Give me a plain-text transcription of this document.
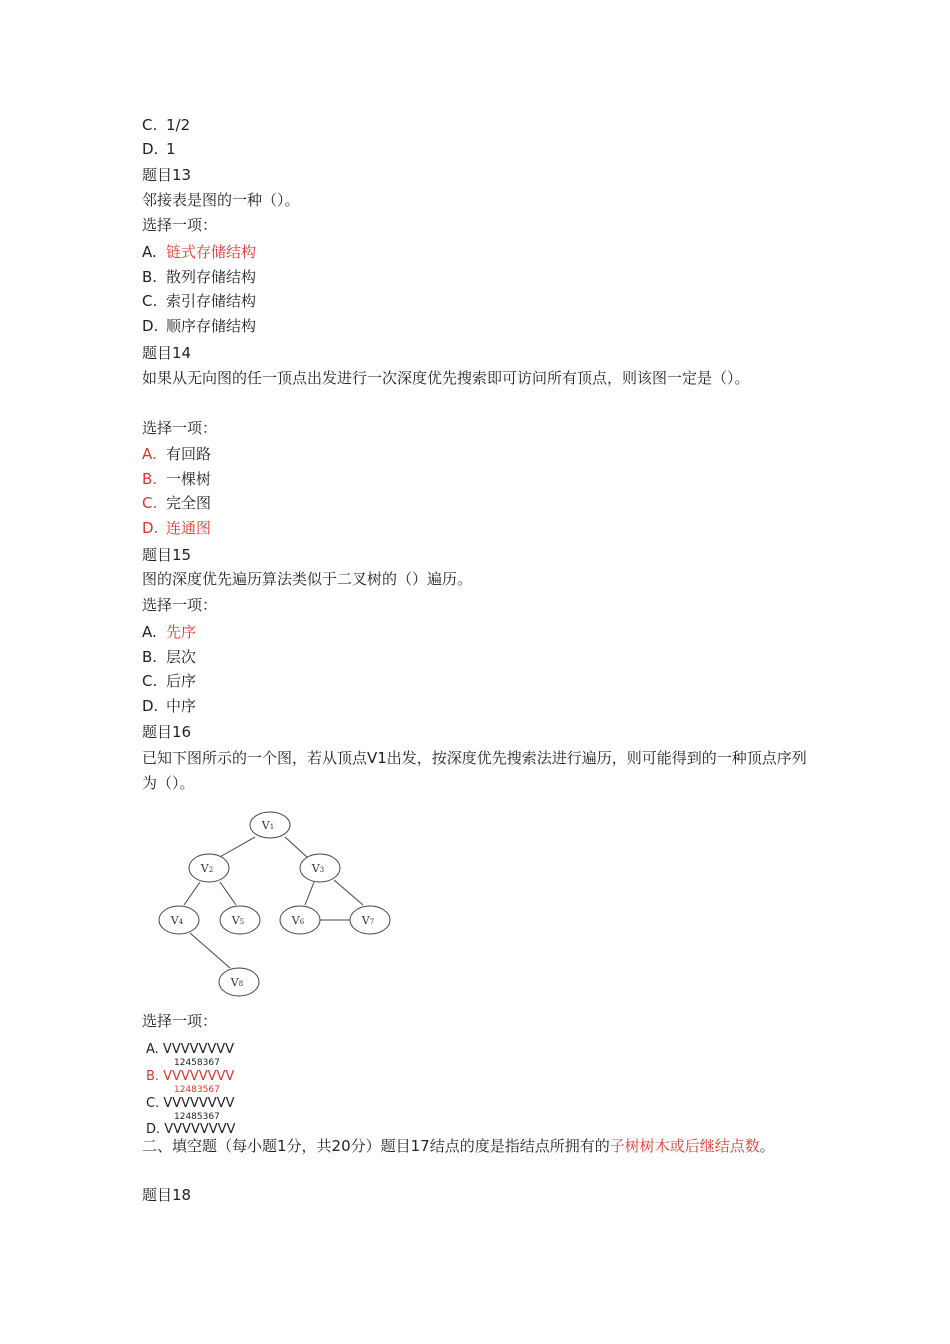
C. 1/2
D. 1
题目13
邻接表是图的一种（）。
选择一项：
A. 链式存储结构
B. 散列存储结构
C. 索引存储结构
D. 顺序存储结构
题目14
如果从无向图的任一顶点出发进行一次深度优先搜索即可访问所有顶点，则该图一定是（）。
选择一项：
A. 有回路
B. 一棵树
C. 完全图
D. 连通图
题目15
图的深度优先遍历算法类似于二叉树的（）遍历。
选择一项：
A. 先序
B. 层次
C. 后序
D. 中序
题目16
已知下图所示的一个图，若从顶点V1出发，按深度优先搜索法进行遍历，则可能得到的一种顶点序列为（）。
V1
V2	V3
V4	V5	V6	V7
V8
选择一项：
A. VVVVVVVV
12458367
B. VVVVVVVV
12483567
C. VVVVVVVV
12485367
D. VVVVVVVV
二、填空题（每小题1分，共20分）题目17结点的度是指结点所拥有的子树树木或后继结点数。
题目18
